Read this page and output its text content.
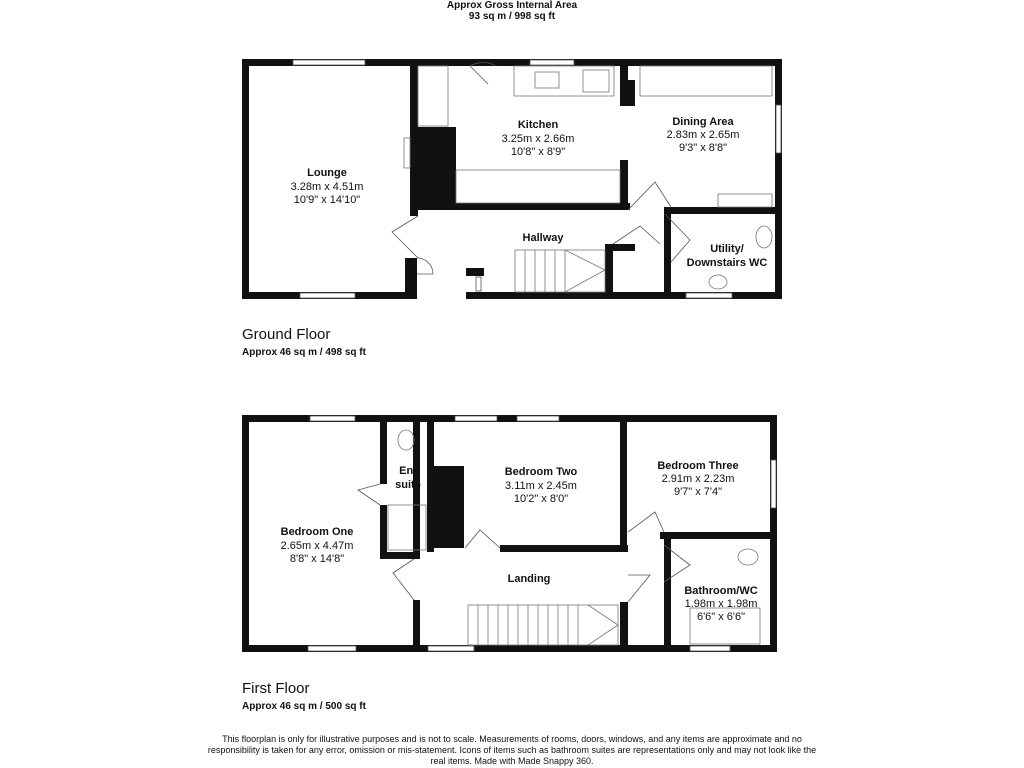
Approx Gross Internal Area
93 sq m / 998 sq ft
Lounge
3.28m x 4.51m
10'9" x 14'10"
Kitchen
3.25m x 2.66m
10'8" x 8'9"
Dining Area
2.83m x 2.65m
9'3" x 8'8"
Hallway
Utility/
Downstairs WC
Bedroom One
2.65m x 4.47m
8'8" x 14'8"
En-
suite
Bedroom Two
3.11m x 2.45m
10'2" x 8'0"
Bedroom Three
2.91m x 2.23m
9'7" x 7'4"
Landing
Bathroom/WC
1.98m x 1.98m
6'6" x 6'6"
Ground Floor
Approx 46 sq m / 498 sq ft
First Floor
Approx 46 sq m / 500 sq ft
This floorplan is only for illustrative purposes and is not to scale. Measurements of rooms, doors, windows, and any items are approximate and no responsibility is taken for any error, omission or mis-statement. Icons of items such as bathroom suites are representations only and may not look like the real items. Made with Made Snappy 360.
